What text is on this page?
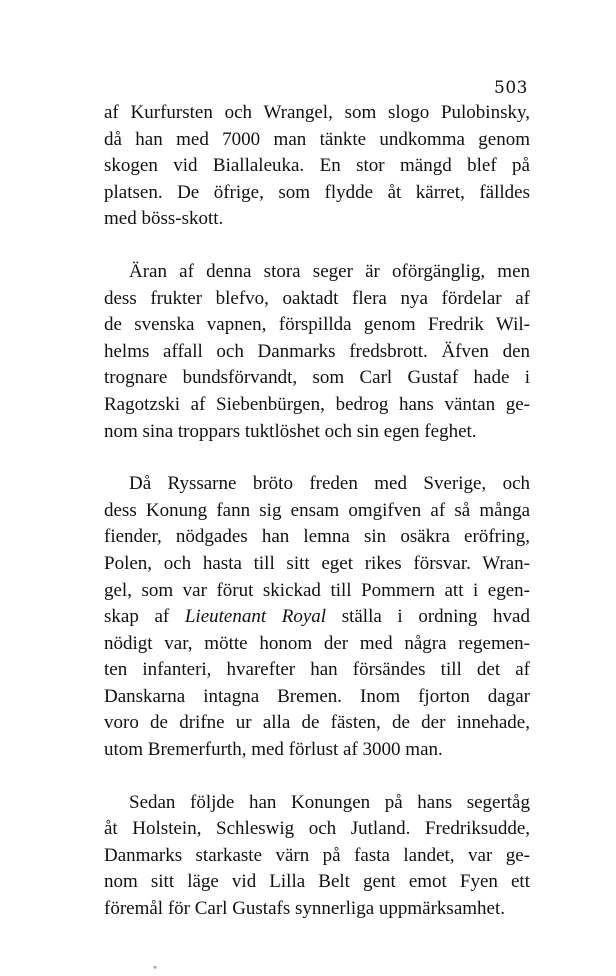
503

af Kurfursten och Wrangel, som slogo Pulobinsky,
då han med 7000 man tänkte undkomma genom
skogen vid Biallaleuka. En stor mängd blef på
platsen. De öfrige, som flydde åt kärret, fälldes
med böss-skott.

Äran af denna stora seger är oförgänglig, men
dess frukter blefvo, oaktadt flera nya fördelar af
de svenska vapnen, förspillda genom Fredrik Wil-
helms affall och Danmarks fredsbrott. Äfven den
trognare bundsförvandt, som Carl Gustaf hade i
Ragotzski af Siebenbürgen, bedrog hans väntan ge-
nom sina troppars tuktlöshet och sin egen feghet.

Då Ryssarne bröto freden med Sverige, och
dess Konung fann sig ensam omgifven af så många
fiender, nödgades han lemna sin osäkra eröfring,
Polen, och hasta till sitt eget rikes försvar. Wran-
gel, som var förut skickad till Pommern att i egen-
skap af Lieutenant Royal ställa i ordning hvad
nödigt var, mötte honom der med några regemen-
ten infanteri, hvarefter han försändes till det af
Danskarna intagna Bremen. Inom fjorton dagar
voro de drifne ur alla de fästen, de der innehade,
utom Bremerfurth, med förlust af 3000 man.

Sedan följde han Konungen på hans segertåg
åt Holstein, Schleswig och Jutland. Fredriksudde,
Danmarks starkaste värn på fasta landet, var ge-
nom sitt läge vid Lilla Belt gent emot Fyen ett
föremål för Carl Gustafs synnerliga uppmärksamhet.

"
